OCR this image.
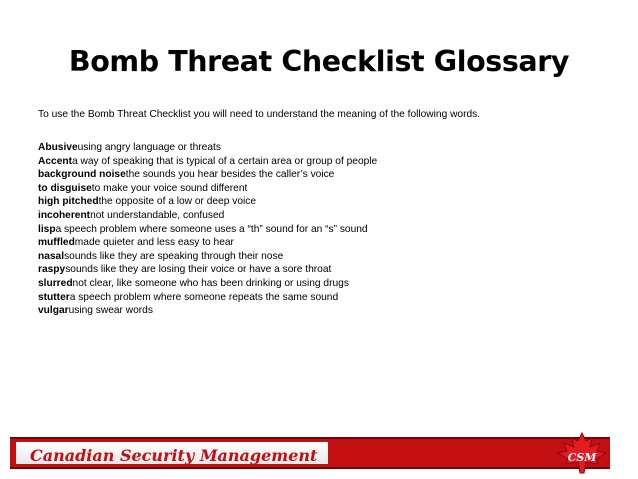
Bomb Threat Checklist Glossary
To use the Bomb Threat Checklist you will need to understand the meaning of the following words.
Abusiveusing angry language or threats
Accenta way of speaking that is typical of a certain area or group of people
background noisethe sounds you hear besides the caller’s voice
to disguiseto make your voice sound different
high pitchedthe opposite of a low or deep voice
incoherentnot understandable, confused
lispa speech problem where someone uses a “th” sound for an “s” sound
muffledmade quieter and less easy to hear
nasalsounds like they are speaking through their nose
raspysounds like they are losing their voice or have a sore throat
slurrednot clear, like someone who has been drinking or using drugs
stuttera speech problem where someone repeats the same sound
vulgarusing swear words
Canadian Security Management	CSM
